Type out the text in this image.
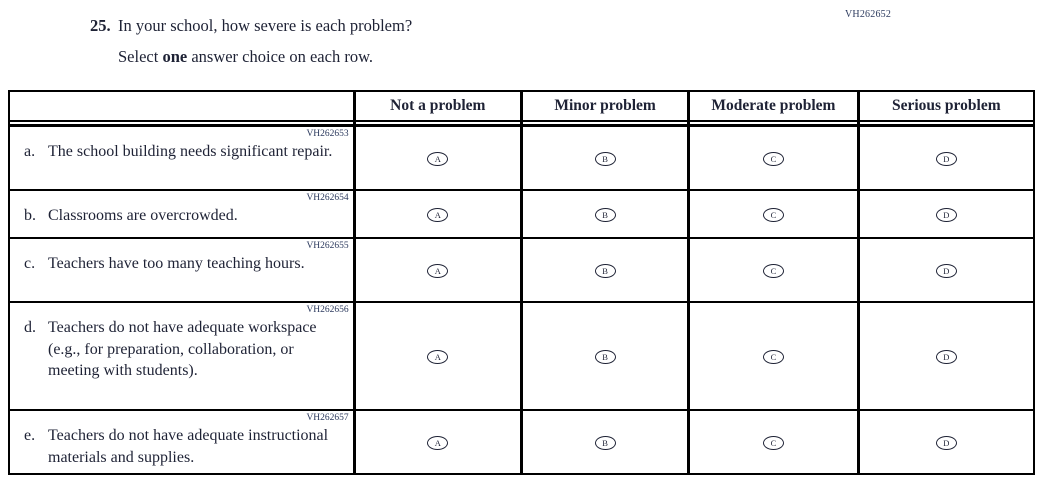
VH262652
25. In your school, how severe is each problem?
Select one answer choice on each row.
	Not a problem	Minor problem	Moderate problem	Serious problem

VH262653
a. The school building needs significant repair.	A	B	C	D

VH262654
b. Classrooms are overcrowded.	A	B	C	D

VH262655
c. Teachers have too many teaching hours.	A	B	C	D

VH262656
d. Teachers do not have adequate workspace (e.g., for preparation, collaboration, or meeting with students).	A	B	C	D

VH262657
e. Teachers do not have adequate instructional materials and supplies.	A	B	C	D
